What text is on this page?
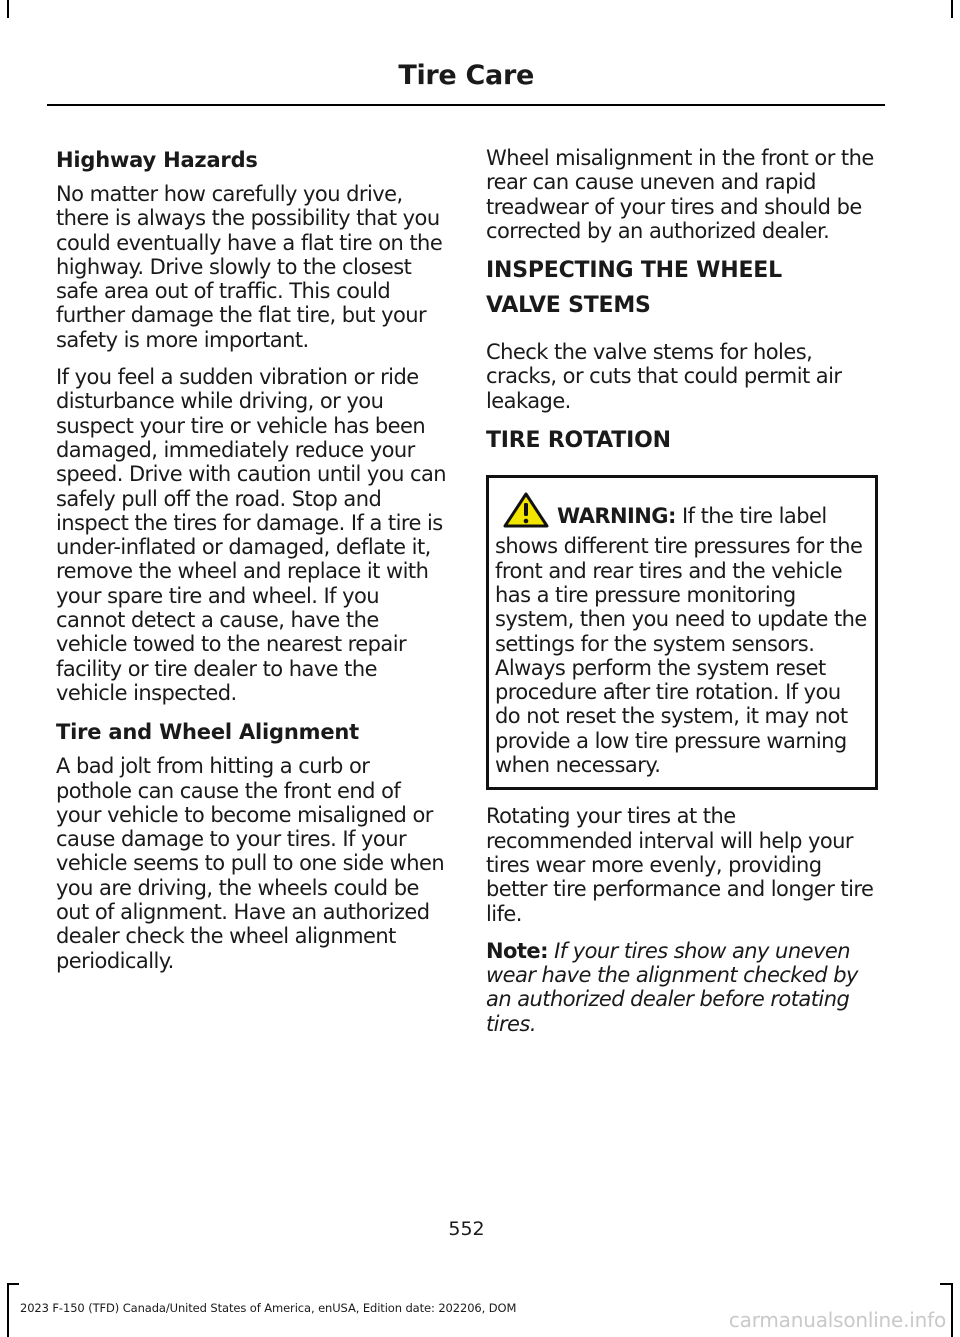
Tire Care
Highway Hazards

No matter how carefully you drive, there is always the possibility that you could eventually have a flat tire on the highway. Drive slowly to the closest safe area out of traffic. This could further damage the flat tire, but your safety is more important.

If you feel a sudden vibration or ride disturbance while driving, or you suspect your tire or vehicle has been damaged, immediately reduce your speed. Drive with caution until you can safely pull off the road. Stop and inspect the tires for damage. If a tire is under-inflated or damaged, deflate it, remove the wheel and replace it with your spare tire and wheel. If you cannot detect a cause, have the vehicle towed to the nearest repair facility or tire dealer to have the vehicle inspected.

Tire and Wheel Alignment

A bad jolt from hitting a curb or pothole can cause the front end of your vehicle to become misaligned or cause damage to your tires. If your vehicle seems to pull to one side when you are driving, the wheels could be out of alignment. Have an authorized dealer check the wheel alignment periodically.

Wheel misalignment in the front or the rear can cause uneven and rapid treadwear of your tires and should be corrected by an authorized dealer.

INSPECTING THE WHEEL
VALVE STEMS

Check the valve stems for holes, cracks, or cuts that could permit air leakage.

TIRE ROTATION
WARNING: If the tire label shows different tire pressures for the front and rear tires and the vehicle has a tire pressure monitoring system, then you need to update the settings for the system sensors. Always perform the system reset procedure after tire rotation. If you do not reset the system, it may not provide a low tire pressure warning when necessary.

Rotating your tires at the recommended interval will help your tires wear more evenly, providing better tire performance and longer tire life.

Note: If your tires show any uneven wear have the alignment checked by an authorized dealer before rotating tires.

552
2023 F-150 (TFD) Canada/United States of America, enUSA, Edition date: 202206, DOM	carmanualsonline.info
